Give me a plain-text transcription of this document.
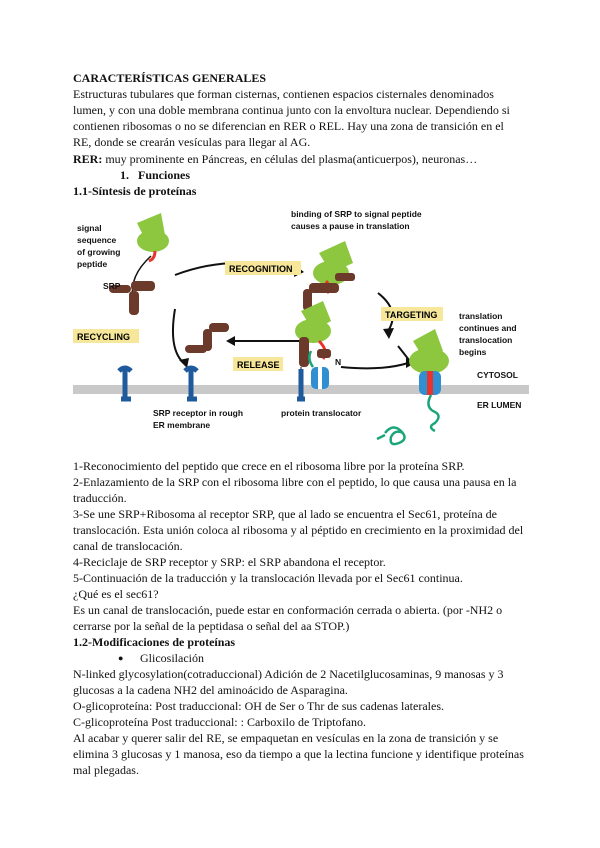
CARACTERÍSTICAS GENERALES
Estructuras tubulares que forman cisternas, contienen espacios cisternales denominados
lumen, y con una doble membrana continua junto con la envoltura nuclear. Dependiendo si
contienen ribosomas o no se diferencian en RER o REL. Hay una zona de transición en el
RE, donde se crearán vesículas para llegar al AG.
RER: muy prominente en Páncreas, en células del plasma(anticuerpos), neuronas…
1. Funciones
1.1-Síntesis de proteínas
RECOGNITION
TARGETING
RECYCLING
RELEASE
signal
sequence
of growing
peptide
SRP
binding of SRP to signal peptide
causes a pause in translation
translation
continues and
translocation
begins
CYTOSOL
ER LUMEN
N
SRP receptor in rough
ER membrane
protein translocator
1-Reconocimiento del peptido que crece en el ribosoma libre por la proteína SRP.
2-Enlazamiento de la SRP con el ribosoma libre con el peptido, lo que causa una pausa en la
traducción.
3-Se une SRP+Ribosoma al receptor SRP, que al lado se encuentra el Sec61, proteína de
translocación. Esta unión coloca al ribosoma y al péptido en crecimiento en la proximidad del
canal de translocación.
4-Reciclaje de SRP receptor y SRP: el SRP abandona el receptor.
5-Continuación de la traducción y la translocación llevada por el Sec61 continua.
¿Qué es el sec61?
Es un canal de translocación, puede estar en conformación cerrada o abierta. (por -NH2 o
cerrarse por la señal de la peptidasa o señal del aa STOP.)
1.2-Modificaciones de proteínas
● Glicosilación
N-linked glycosylation(cotraduccional) Adición de 2 Nacetilglucosaminas, 9 manosas y 3
glucosas a la cadena NH2 del aminoácido de Asparagina.
O-glicoproteína: Post traduccional: OH de Ser o Thr de sus cadenas laterales.
C-glicoproteína Post traduccional: : Carboxilo de Triptofano.
Al acabar y querer salir del RE, se empaquetan en vesículas en la zona de transición y se
elimina 3 glucosas y 1 manosa, eso da tiempo a que la lectina funcione y identifique proteínas
mal plegadas.
